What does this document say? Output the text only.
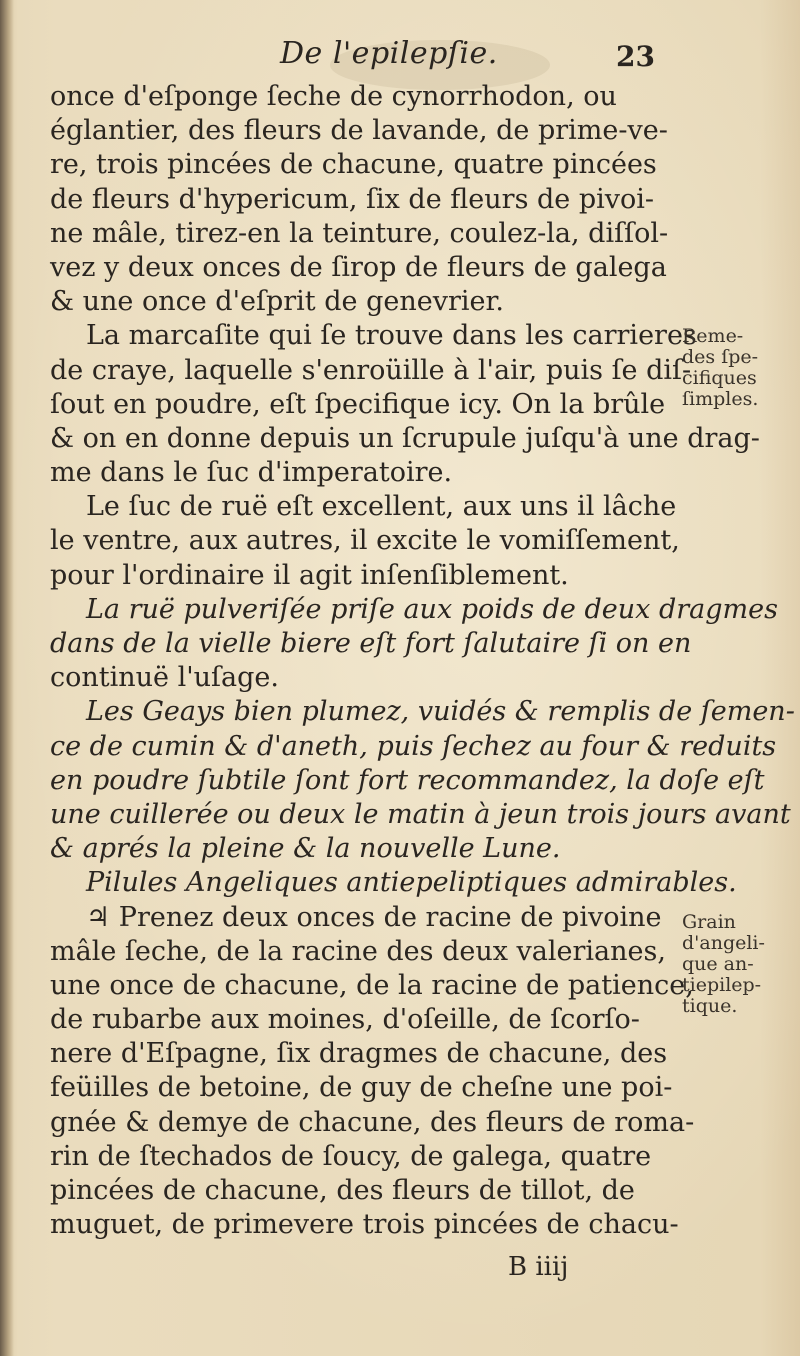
De l'epilepſie.	23
once d'eſponge ſeche de cynorrhodon, ou
églantier, des fleurs de lavande, de prime-ve-
re, trois pincées de chacune, quatre pincées
de fleurs d'hypericum, ſix de fleurs de pivoi-
ne mâle, tirez-en la teinture, coulez-la, diſſol-
vez y deux onces de ſirop de fleurs de galega
& une once d'eſprit de genevrier.
La marcaſite qui ſe trouve dans les carrieres
de craye, laquelle s'enroüille à l'air, puis ſe diſ-
ſout en poudre, eſt ſpecifique icy. On la brûle
& on en donne depuis un ſcrupule juſqu'à une drag-
me dans le ſuc d'imperatoire.
Le ſuc de ruë eſt excellent, aux uns il lâche
le ventre, aux autres, il excite le vomiſſement,
pour l'ordinaire il agit inſenſiblement.
La ruë pulveriſée priſe aux poids de deux dragmes
dans de la vielle biere eſt fort ſalutaire ſi on en
continuë l'uſage.
Les Geays bien plumez, vuidés & remplis de ſemen-
ce de cumin & d'aneth, puis ſechez au four & reduits
en poudre ſubtile ſont fort recommandez, la doſe eſt
une cuillerée ou deux le matin à jeun trois jours avant
& aprés la pleine & la nouvelle Lune.
Pilules Angeliques antiepeliptiques admirables.
♃ Prenez deux onces de racine de pivoine
mâle ſeche, de la racine des deux valerianes,
une once de chacune, de la racine de patience,
de rubarbe aux moines, d'oſeille, de ſcorſo-
nere d'Eſpagne, ſix dragmes de chacune, des
feüilles de betoine, de guy de cheſne une poi-
gnée & demye de chacune, des fleurs de roma-
rin de ſtechados de ſoucy, de galega, quatre
pincées de chacune, des fleurs de tillot, de
muguet, de primevere trois pincées de chacu-
Reme-
des ſpe-
cifiques
ſimples.
Grain
d'angeli-
que an-
tiepilep-
tique.
B iiij
